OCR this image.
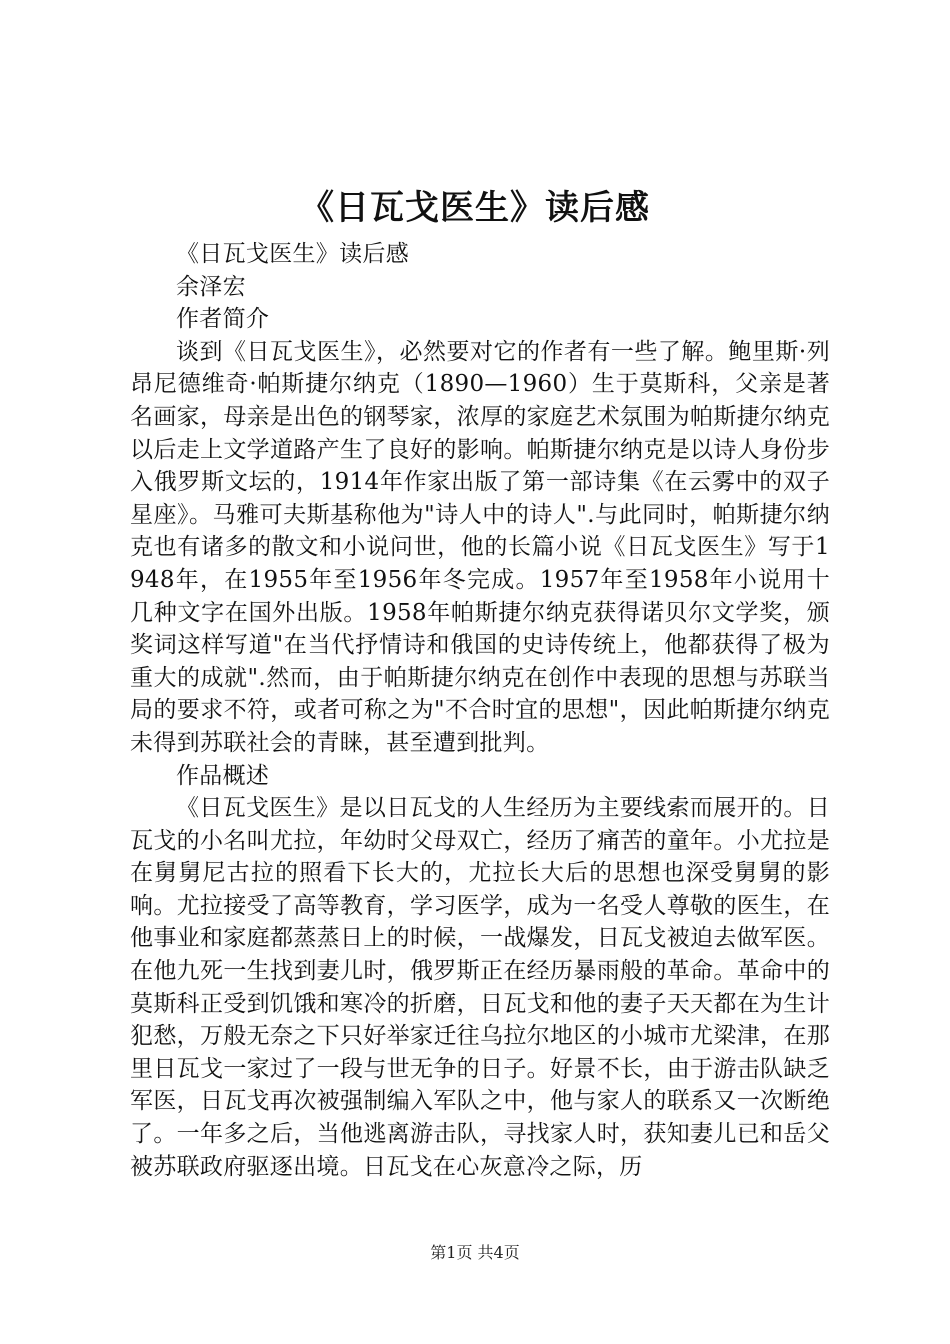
《日瓦戈医生》读后感

《日瓦戈医生》读后感

余泽宏

作者简介

谈到《日瓦戈医生》，必然要对它的作者有一些了解。鲍里斯·列昂尼德维奇·帕斯捷尔纳克（1890—1960）生于莫斯科，父亲是著名画家，母亲是出色的钢琴家，浓厚的家庭艺术氛围为帕斯捷尔纳克以后走上文学道路产生了良好的影响。帕斯捷尔纳克是以诗人身份步入俄罗斯文坛的，1914年作家出版了第一部诗集《在云雾中的双子星座》。马雅可夫斯基称他为"诗人中的诗人".与此同时，帕斯捷尔纳克也有诸多的散文和小说问世，他的长篇小说《日瓦戈医生》写于1948年，在1955年至1956年冬完成。1957年至1958年小说用十几种文字在国外出版。1958年帕斯捷尔纳克获得诺贝尔文学奖，颁奖词这样写道"在当代抒情诗和俄国的史诗传统上，他都获得了极为重大的成就".然而，由于帕斯捷尔纳克在创作中表现的思想与苏联当局的要求不符，或者可称之为"不合时宜的思想"，因此帕斯捷尔纳克未得到苏联社会的青睐，甚至遭到批判。

作品概述

《日瓦戈医生》是以日瓦戈的人生经历为主要线索而展开的。日瓦戈的小名叫尤拉，年幼时父母双亡，经历了痛苦的童年。小尤拉是在舅舅尼古拉的照看下长大的，尤拉长大后的思想也深受舅舅的影响。尤拉接受了高等教育，学习医学，成为一名受人尊敬的医生，在他事业和家庭都蒸蒸日上的时候，一战爆发，日瓦戈被迫去做军医。在他九死一生找到妻儿时，俄罗斯正在经历暴雨般的革命。革命中的莫斯科正受到饥饿和寒冷的折磨，日瓦戈和他的妻子天天都在为生计犯愁，万般无奈之下只好举家迁往乌拉尔地区的小城市尤梁津，在那里日瓦戈一家过了一段与世无争的日子。好景不长，由于游击队缺乏军医，日瓦戈再次被强制编入军队之中，他与家人的联系又一次断绝了。一年多之后，当他逃离游击队，寻找家人时，获知妻儿已和岳父被苏联政府驱逐出境。日瓦戈在心灰意冷之际，历

第1页 共4页
